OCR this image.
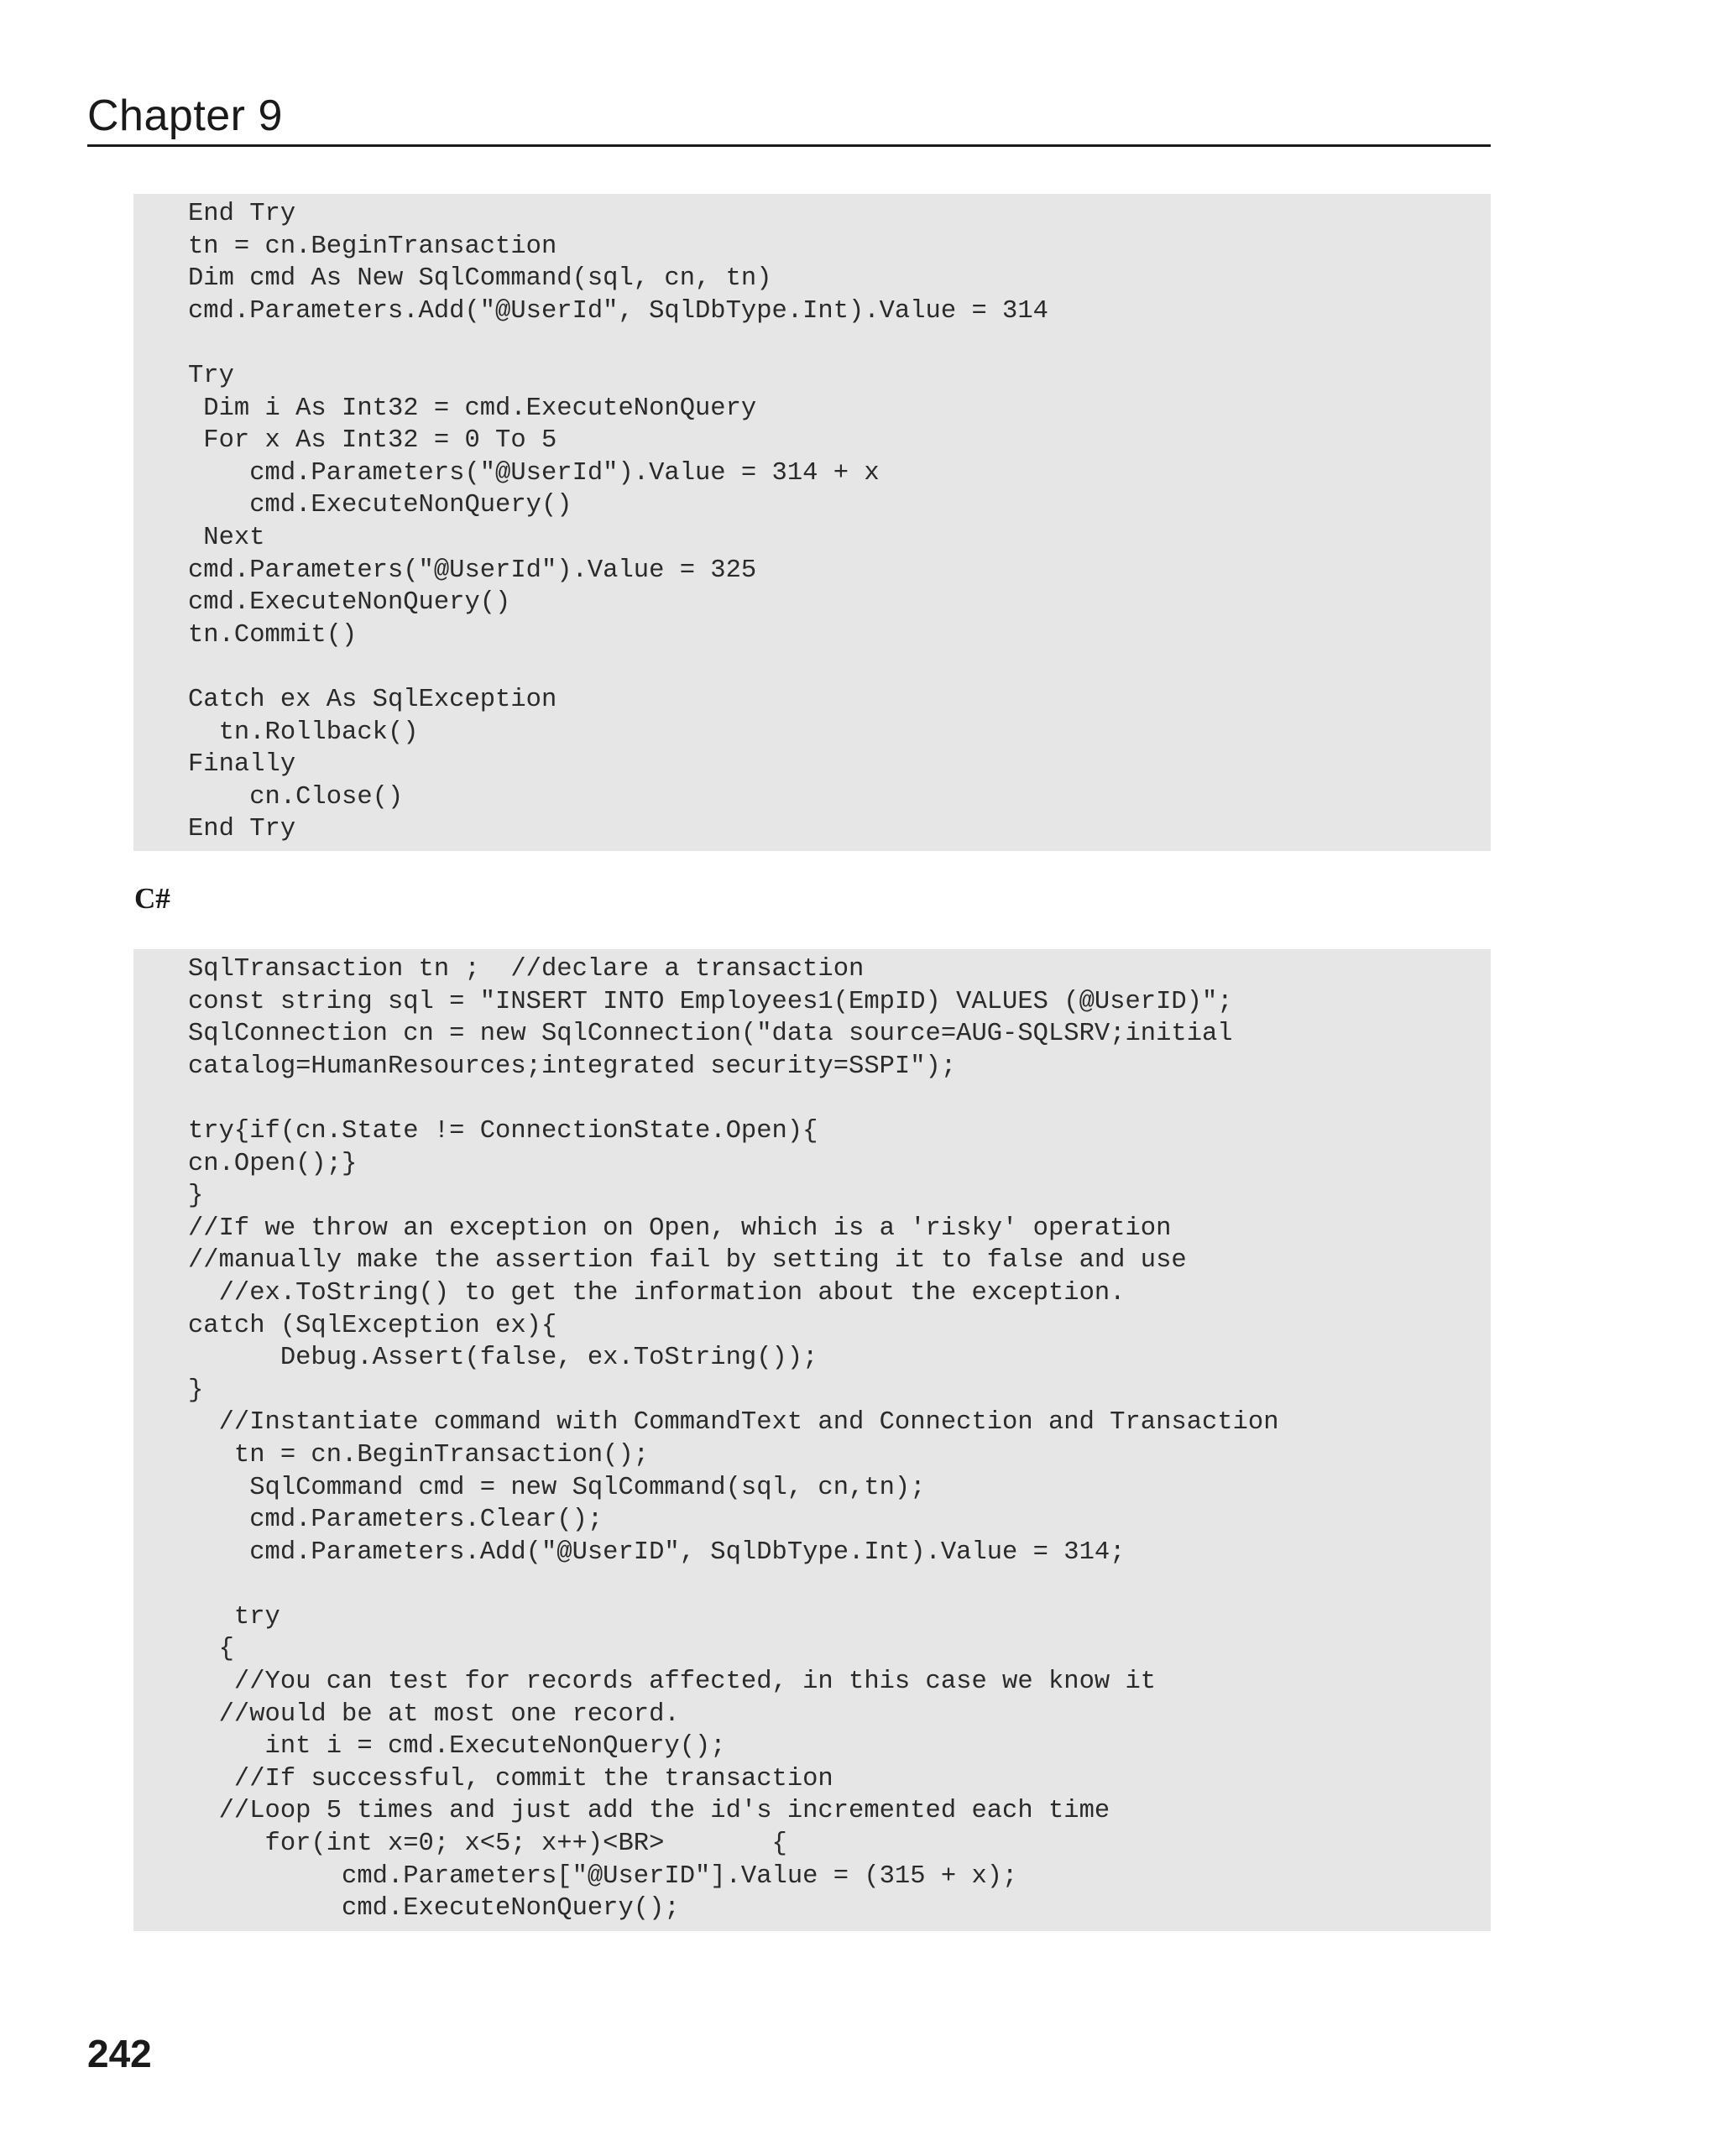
Chapter 9
End Try
tn = cn.BeginTransaction
Dim cmd As New SqlCommand(sql, cn, tn)
cmd.Parameters.Add("@UserId", SqlDbType.Int).Value = 314
Try
Dim i As Int32 = cmd.ExecuteNonQuery
For x As Int32 = 0 To 5
cmd.Parameters("@UserId").Value = 314 + x
cmd.ExecuteNonQuery()
Next
cmd.Parameters("@UserId").Value = 325
cmd.ExecuteNonQuery()
tn.Commit()
Catch ex As SqlException
tn.Rollback()
Finally
cn.Close()
End Try
C#
SqlTransaction tn ;  //declare a transaction
const string sql = "INSERT INTO Employees1(EmpID) VALUES (@UserID)";
SqlConnection cn = new SqlConnection("data source=AUG-SQLSRV;initial
catalog=HumanResources;integrated security=SSPI");
try{if(cn.State != ConnectionState.Open){
cn.Open();}
}
//If we throw an exception on Open, which is a 'risky' operation
//manually make the assertion fail by setting it to false and use
//ex.ToString() to get the information about the exception.
catch (SqlException ex){
Debug.Assert(false, ex.ToString());
}
//Instantiate command with CommandText and Connection and Transaction
tn = cn.BeginTransaction();
SqlCommand cmd = new SqlCommand(sql, cn,tn);
cmd.Parameters.Clear();
cmd.Parameters.Add("@UserID", SqlDbType.Int).Value = 314;
try
{
//You can test for records affected, in this case we know it
//would be at most one record.
int i = cmd.ExecuteNonQuery();
//If successful, commit the transaction
//Loop 5 times and just add the id's incremented each time
for(int x=0; x<5; x++)<BR>       {
cmd.Parameters["@UserID"].Value = (315 + x);
cmd.ExecuteNonQuery();
242
